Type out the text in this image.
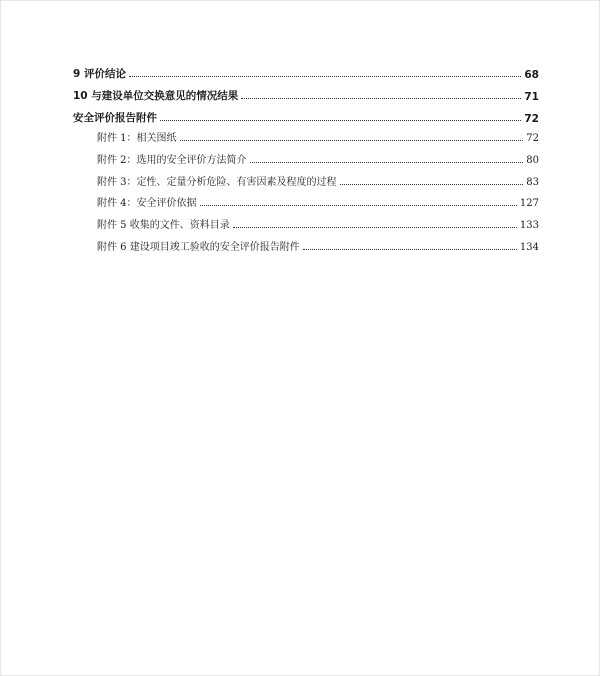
9 评价结论	68
10 与建设单位交换意见的情况结果	71
安全评价报告附件	72
附件 1：相关图纸	72
附件 2：选用的安全评价方法简介	80
附件 3：定性、定量分析危险、有害因素及程度的过程	83
附件 4：安全评价依据	127
附件 5 收集的文件、资料目录	133
附件 6 建设项目竣工验收的安全评价报告附件	134
